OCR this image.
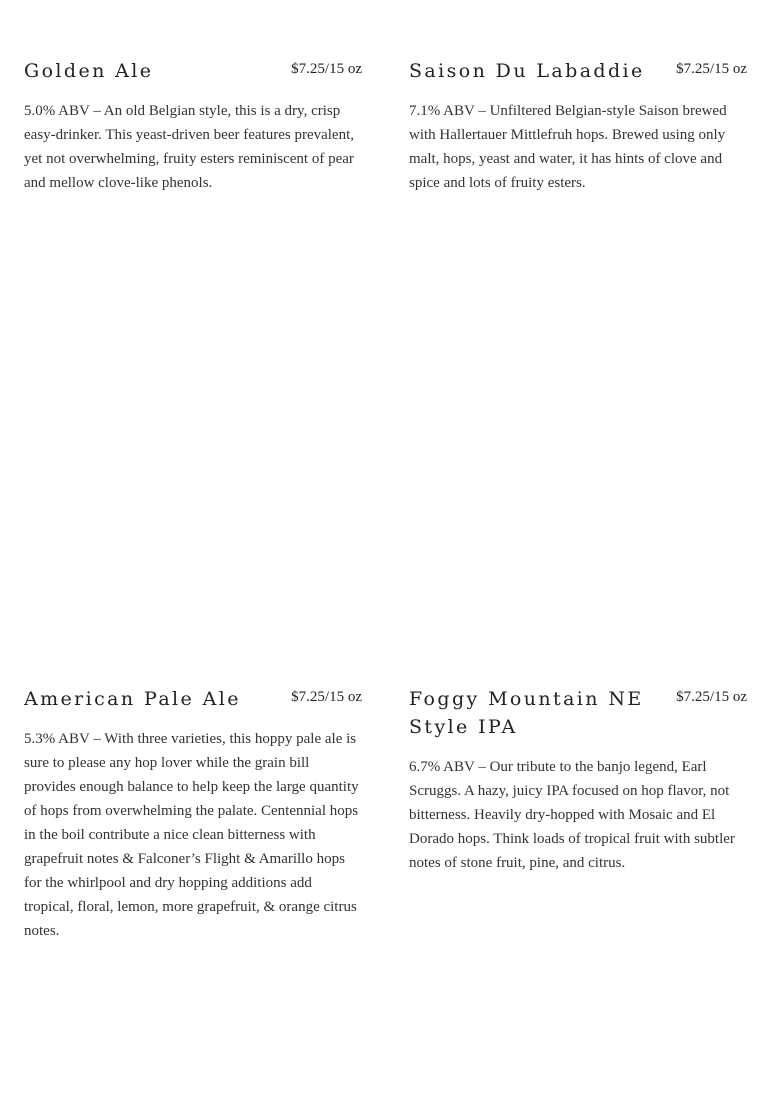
Golden Ale	$7.25/15 oz

5.0% ABV – An old Belgian style, this is a dry, crisp easy-drinker. This yeast-driven beer features prevalent, yet not overwhelming, fruity esters reminiscent of pear and mellow clove-like phenols.

Saison Du Labaddie $7.25/15 oz

7.1% ABV – Unfiltered Belgian-style Saison brewed with Hallertauer Mittlefruh hops. Brewed using only malt, hops, yeast and water, it has hints of clove and spice and lots of fruity esters.

American Pale Ale	$7.25/15 oz

5.3% ABV – With three varieties, this hoppy pale ale is sure to please any hop lover while the grain bill provides enough balance to help keep the large quantity of hops from overwhelming the palate. Centennial hops in the boil contribute a nice clean bitterness with grapefruit notes & Falconer’s Flight & Amarillo hops for the whirlpool and dry hopping additions add tropical, floral, lemon, more grapefruit, & orange citrus notes.

Foggy Mountain NE Style IPA
$7.25/15 oz

6.7% ABV – Our tribute to the banjo legend, Earl Scruggs. A hazy, juicy IPA focused on hop flavor, not bitterness. Heavily dry-hopped with Mosaic and El Dorado hops. Think loads of tropical fruit with subtler notes of stone fruit, pine, and citrus.
